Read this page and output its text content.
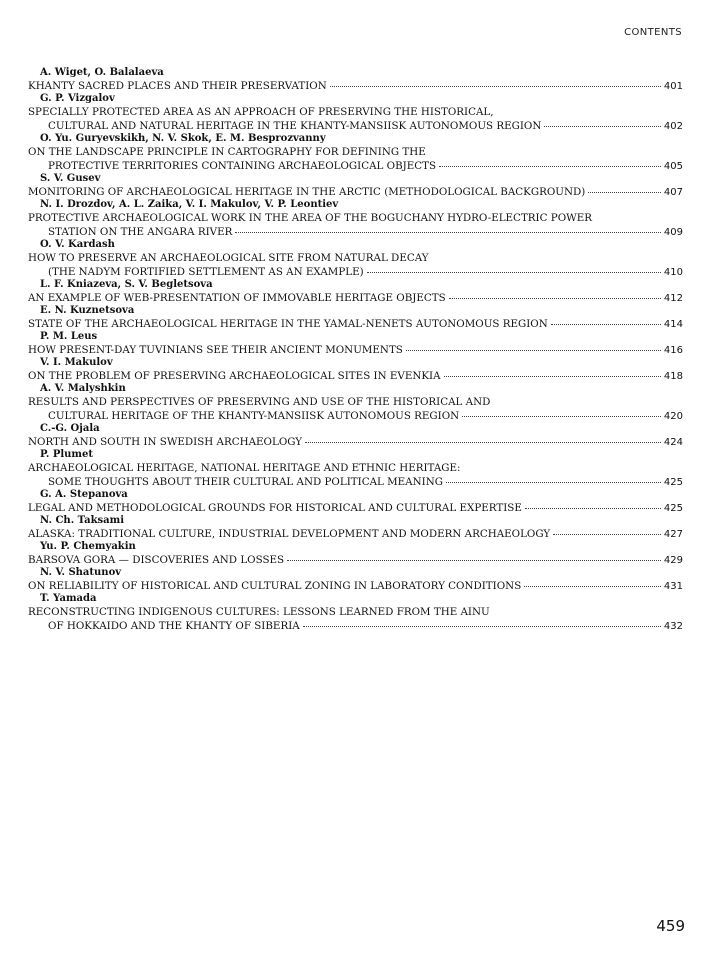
CONTENTS
A. Wiget, O. Balalaeva
KHANTY SACRED PLACES AND THEIR PRESERVATION	401
G. P. Vizgalov
SPECIALLY PROTECTED AREA AS AN APPROACH OF PRESERVING THE HISTORICAL,
CULTURAL AND NATURAL HERITAGE IN THE KHANTY-MANSIISK AUTONOMOUS REGION	402
O. Yu. Guryevskikh, N. V. Skok, E. M. Besprozvanny
ON THE LANDSCAPE PRINCIPLE IN CARTOGRAPHY FOR DEFINING THE
PROTECTIVE TERRITORIES CONTAINING ARCHAEOLOGICAL OBJECTS	405
S. V. Gusev
MONITORING OF ARCHAEOLOGICAL HERITAGE IN THE ARCTIC (METHODOLOGICAL BACKGROUND)	407
N. I. Drozdov, A. L. Zaika, V. I. Makulov, V. P. Leontiev
PROTECTIVE ARCHAEOLOGICAL WORK IN THE AREA OF THE BOGUCHANY HYDRO-ELECTRIC POWER
STATION ON THE ANGARA RIVER	409
O. V. Kardash
HOW TO PRESERVE AN ARCHAEOLOGICAL SITE FROM NATURAL DECAY
(THE NADYM FORTIFIED SETTLEMENT AS AN EXAMPLE)	410
L. F. Kniazeva, S. V. Begletsova
AN EXAMPLE OF WEB-PRESENTATION OF IMMOVABLE HERITAGE OBJECTS	412
E. N. Kuznetsova
STATE OF THE ARCHAEOLOGICAL HERITAGE IN THE YAMAL-NENETS AUTONOMOUS REGION	414
P. M. Leus
HOW PRESENT-DAY TUVINIANS SEE THEIR ANCIENT MONUMENTS	416
V. I. Makulov
ON THE PROBLEM OF PRESERVING ARCHAEOLOGICAL SITES IN EVENKIA	418
A. V. Malyshkin
RESULTS AND PERSPECTIVES OF PRESERVING AND USE OF THE HISTORICAL AND
CULTURAL HERITAGE OF THE KHANTY-MANSIISK AUTONOMOUS REGION	420
C.-G. Ojala
NORTH AND SOUTH IN SWEDISH ARCHAEOLOGY	424
P. Plumet
ARCHAEOLOGICAL HERITAGE, NATIONAL HERITAGE AND ETHNIC HERITAGE:
SOME THOUGHTS ABOUT THEIR CULTURAL AND POLITICAL MEANING	425
G. A. Stepanova
LEGAL AND METHODOLOGICAL GROUNDS FOR HISTORICAL AND CULTURAL EXPERTISE	425
N. Ch. Taksami
ALASKA: TRADITIONAL CULTURE, INDUSTRIAL DEVELOPMENT AND MODERN ARCHAEOLOGY	427
Yu. P. Chemyakin
BARSOVA GORA — DISCOVERIES AND LOSSES	429
N. V. Shatunov
ON RELIABILITY OF HISTORICAL AND CULTURAL ZONING IN LABORATORY CONDITIONS	431
T. Yamada
RECONSTRUCTING INDIGENOUS CULTURES: LESSONS LEARNED FROM THE AINU
OF HOKKAIDO AND THE KHANTY OF SIBERIA	432
459
